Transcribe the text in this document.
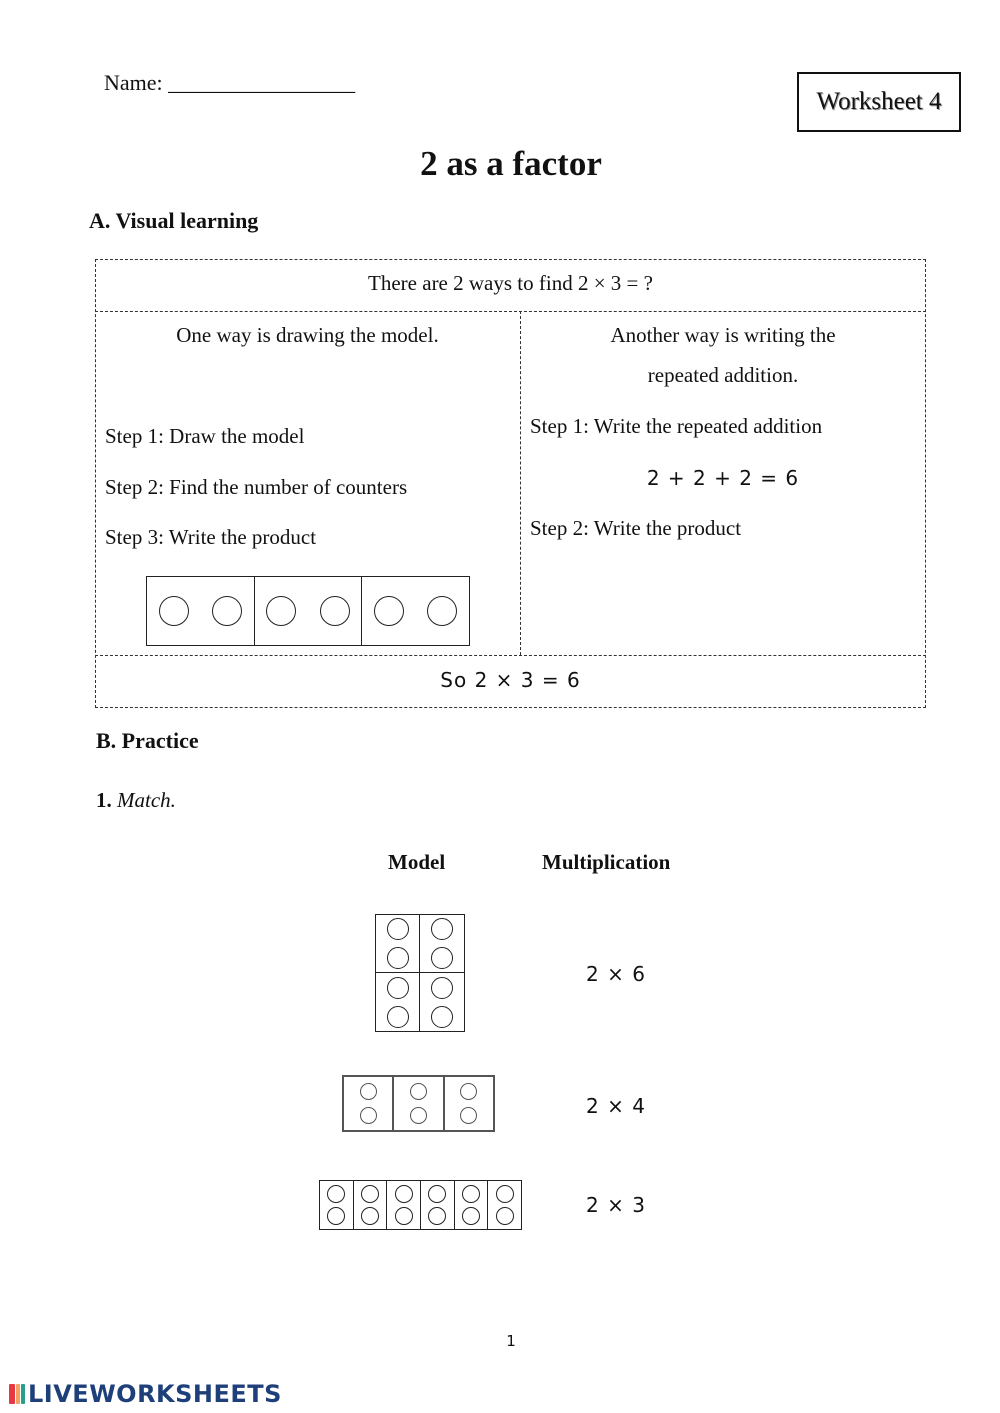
Name: _________________
Worksheet 4
2 as a factor
A. Visual learning
There are 2 ways to find 2 × 3 = ?
One way is drawing the model.
Step 1: Draw the model
Step 2: Find the number of counters
Step 3: Write the product
Another way is writing the
repeated addition.
Step 1: Write the repeated addition
2 + 2 + 2 = 6
Step 2: Write the product
So 2 × 3 = 6
B. Practice
1. Match.
Model	Multiplication
2 × 6
2 × 4
2 × 3
1
LIVEWORKSHEETS
